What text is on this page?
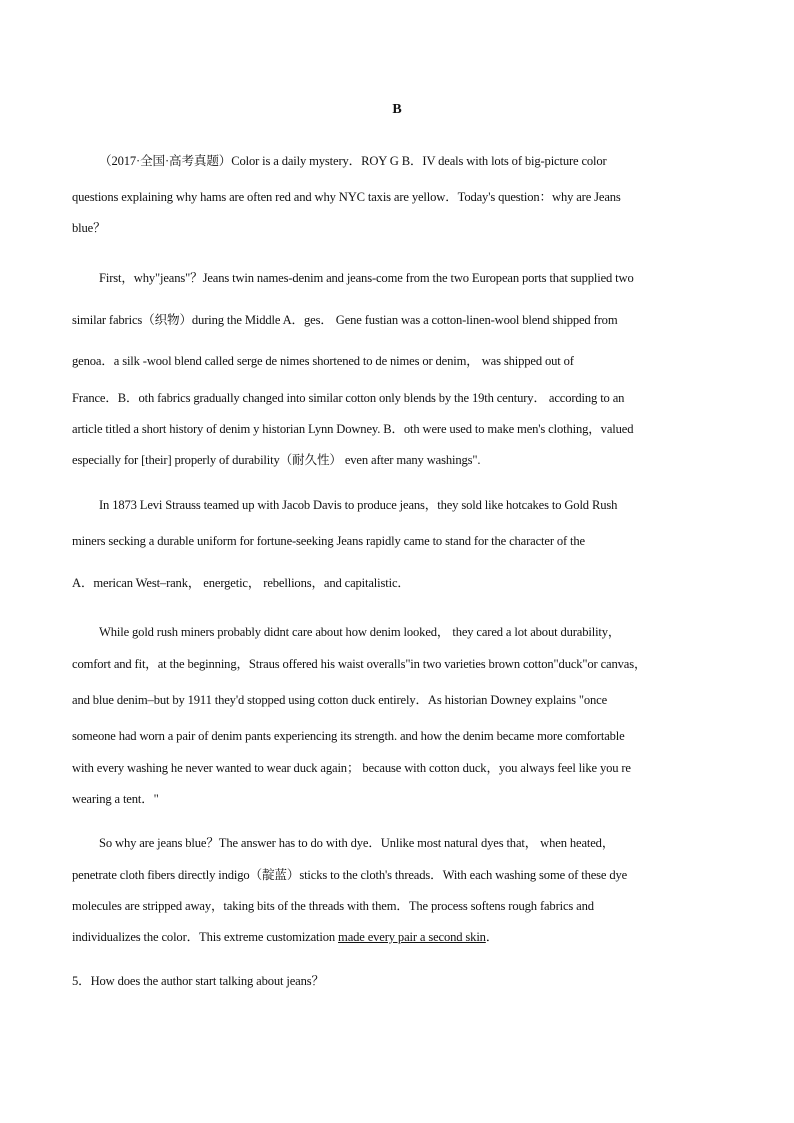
B
（2017·全国·高考真题）Color is a daily mystery．ROY G B．IV deals with lots of big-picture color
questions explaining why hams are often red and why NYC taxis are yellow．Today's question：why are Jeans
blue？
First，why"jeans"？Jeans twin names-denim and jeans-come from the two European ports that supplied two
similar fabrics（织物）during the Middle A．ges． Gene fustian was a cotton-linen-wool blend shipped from
genoa．a silk -wool blend called serge de nimes shortened to de nimes or denim， was shipped out of
France．B．oth fabrics gradually changed into similar cotton only blends by the 19th century． according to an
article titled a short history of denim y historian Lynn Downey. B．oth were used to make men's clothing，valued
especially for [their] properly of durability（耐久性） even after many washings".
In 1873 Levi Strauss teamed up with Jacob Davis to produce jeans，they sold like hotcakes to Gold Rush
miners secking a durable uniform for fortune-seeking Jeans rapidly came to stand for the character of the
A．merican West–rank， energetic， rebellions，and capitalistic．
While gold rush miners probably didnt care about how denim looked， they cared a lot about durability，
comfort and fit，at the beginning，Straus offered his waist overalls"in two varieties brown cotton"duck"or canvas，
and blue denim–but by 1911 they'd stopped using cotton duck entirely．As historian Downey explains "once
someone had worn a pair of denim pants experiencing its strength. and how the denim became more comfortable
with every washing he never wanted to wear duck again； because with cotton duck，you always feel like you re
wearing a tent．"
So why are jeans blue？The answer has to do with dye．Unlike most natural dyes that， when heated，
penetrate cloth fibers directly indigo（靛蓝）sticks to the cloth's threads．With each washing some of these dye
molecules are stripped away，taking bits of the threads with them．The process softens rough fabrics and
individualizes the color．This extreme customization made every pair a second skin．
5．How does the author start talking about jeans？
